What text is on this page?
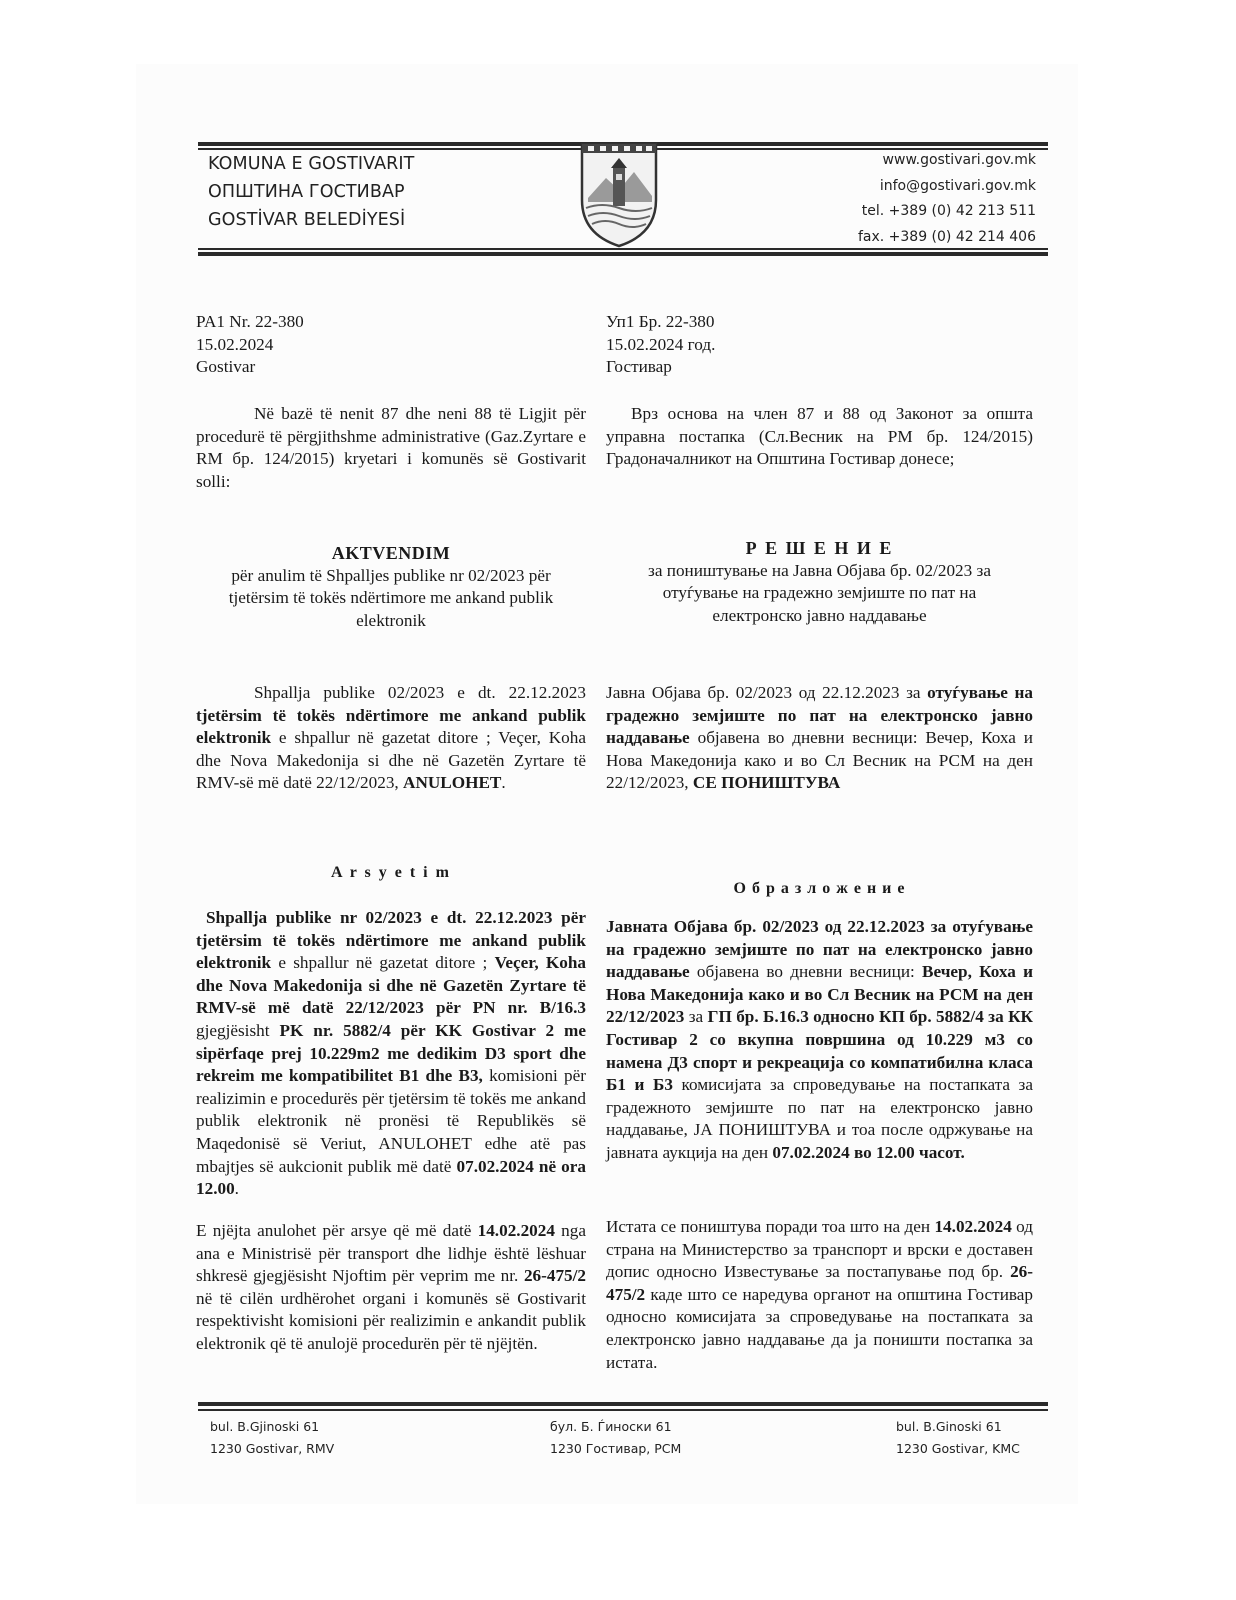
KOMUNA E GOSTIVARIT
ОПШТИНА ГОСТИВАР
GOSTİVAR BELEDİYESİ
www.gostivari.gov.mk
info@gostivari.gov.mk
tel. +389 (0) 42 213 511
fax. +389 (0) 42 214 406
PA1 Nr. 22-380
15.02.2024
Gostivar
Уп1 Бр. 22-380
15.02.2024 год.
Гостивар
Në bazë të nenit 87 dhe neni 88 të Ligjit për procedurë të përgjithshme administrative (Gaz.Zyrtare e RM бр. 124/2015) kryetari i komunës së Gostivarit solli:
Врз основа на член 87 и 88 од Законот за општа управна постапка (Сл.Весник на РМ бр. 124/2015) Градоначалникот на Општина Гостивар донесе;
AKTVENDIM
për anulim të Shpalljes publike nr 02/2023 për tjetërsim të tokës ndërtimore me ankand publik elektronik
Р Е Ш Е Н И Е
за поништување на Јавна Објава бр. 02/2023 за отуѓување на градежно земјиште по пат на електронско јавно наддавање
Shpallja publike 02/2023 e dt. 22.12.2023 tjetërsim të tokës ndërtimore me ankand publik elektronik e shpallur në gazetat ditore ; Veçer, Koha dhe Nova Makedonija si dhe në Gazetën Zyrtare të RMV-së më datë 22/12/2023, ANULOHET.
Јавна Објава бр. 02/2023 од 22.12.2023 за отуѓување на градежно земјиште по пат на електронско јавно наддавање објавена во дневни весници: Вечер, Коха и Нова Македонија како и во Сл Весник на РСМ на ден 22/12/2023, СЕ ПОНИШТУВА
A r s y e t i m
О б р а з л о ж е н и е
Shpallja publike nr 02/2023 e dt. 22.12.2023 për tjetërsim të tokës ndërtimore me ankand publik elektronik e shpallur në gazetat ditore ; Veçer, Koha dhe Nova Makedonija si dhe në Gazetën Zyrtare të RMV-së më datë 22/12/2023 për PN nr. B/16.3 gjegjësisht PK nr. 5882/4 për KK Gostivar 2 me sipërfaqe prej 10.229m2 me dedikim D3 sport dhe rekreim me kompatibilitet B1 dhe B3, komisioni për realizimin e procedurës për tjetërsim të tokës me ankand publik elektronik në pronësi të Republikës së Maqedonisë së Veriut, ANULOHET edhe atë pas mbajtjes së aukcionit publik më datë 07.02.2024 në ora 12.00.
E njëjta anulohet për arsye që më datë 14.02.2024 nga ana e Ministrisë për transport dhe lidhje është lëshuar shkresë gjegjësisht Njoftim për veprim me nr. 26-475/2 në të cilën urdhërohet organi i komunës së Gostivarit respektivisht komisioni për realizimin e ankandit publik elektronik që të anulojë procedurën për të njëjtën.
Јавната Објава бр. 02/2023 од 22.12.2023 за отуѓување на градежно земјиште по пат на електронско јавно наддавање објавена во дневни весници: Вечер, Коха и Нова Македонија како и во Сл Весник на РСМ на ден 22/12/2023 за ГП бр. Б.16.3 односно КП бр. 5882/4 за КК Гостивар 2 со вкупна површина од 10.229 м3 со намена Д3 спорт и рекреација со компатибилна класа Б1 и Б3 комисијата за спроведување на постапката за градежното земјиште по пат на електронско јавно наддавање, ЈА ПОНИШТУВА и тоа после одржување на јавната аукција на ден 07.02.2024 во 12.00 часот.
Истата се поништува поради тоа што на ден 14.02.2024 од страна на Министерство за транспорт и врски е доставен допис односно Известување за постапување под бр. 26-475/2 каде што се наредува органот на општина Гостивар односно комисијата за спроведување на постапката за електронско јавно наддавање да ја поништи постапка за истата.
bul. B.Gjinoski 61
1230 Gostivar, RMV
бул. Б. Ѓиноски 61
1230 Гостивар, РСМ
bul. B.Ginoski 61
1230 Gostivar, KMC
